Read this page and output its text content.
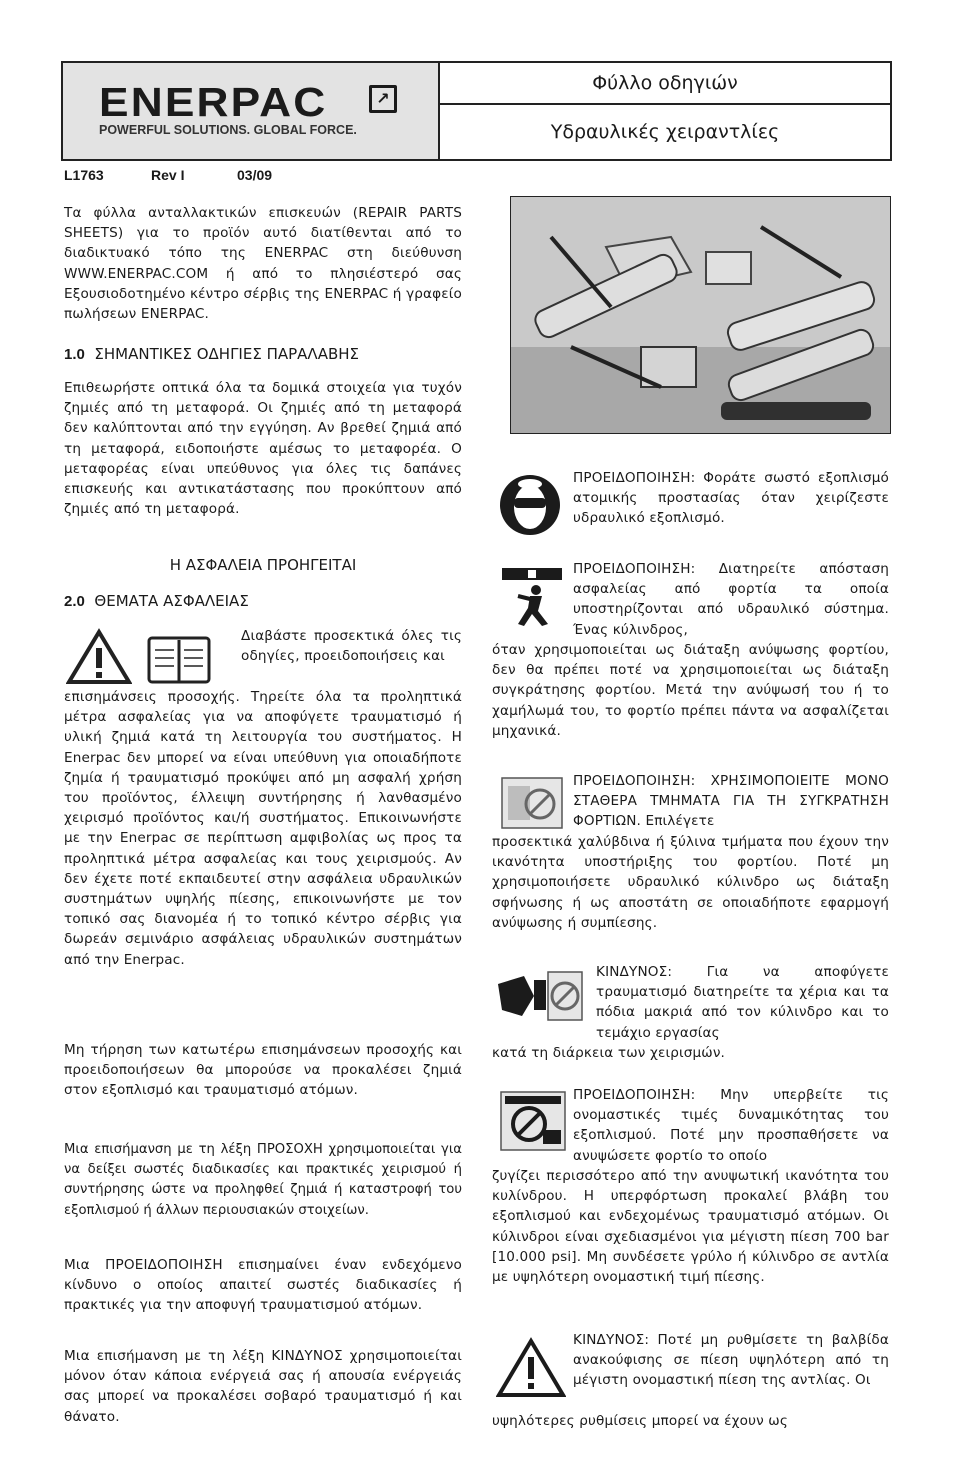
ENERPAC	↗
POWERFUL SOLUTIONS. GLOBAL FORCE.
Φύλλο οδηγιών
Υδραυλικές χειραντλίες
L1763	Rev I	03/09

Τα φύλλα ανταλλακτικών επισκευών (REPAIR PARTS SHEETS) για το προϊόν αυτό διατίθενται από το διαδικτυακό τόπο της ENERPAC στη διεύθυνση WWW.ENERPAC.COM ή από το πλησιέστερό σας Εξουσιοδοτημένο κέντρο σέρβις της ENERPAC ή γραφείο πωλήσεων ENERPAC.

1.0 ΣΗΜΑΝΤΙΚΕΣ ΟΔΗΓΙΕΣ ΠΑΡΑΛΑΒΗΣ

Επιθεωρήστε οπτικά όλα τα δομικά στοιχεία για τυχόν ζημιές από τη μεταφορά. Οι ζημιές από τη μεταφορά δεν καλύπτονται από την εγγύηση. Αν βρεθεί ζημιά από τη μεταφορά, ειδοποιήστε αμέσως το μεταφορέα. Ο μεταφορέας είναι υπεύθυνος για όλες τις δαπάνες επισκευής και αντικατάστασης που προκύπτουν από ζημιές από τη μεταφορά.

Η ΑΣΦΑΛΕΙΑ ΠΡΟΗΓΕΙΤΑΙ
2.0 ΘΕΜΑΤΑ ΑΣΦΑΛΕΙΑΣ

Διαβάστε προσεκτικά όλες τις οδηγίες, προειδοποιήσεις και

επισημάνσεις προσοχής. Τηρείτε όλα τα προληπτικά μέτρα ασφαλείας για να αποφύγετε τραυματισμό ή υλική ζημιά κατά τη λειτουργία του συστήματος. Η Enerpac δεν μπορεί να είναι υπεύθυνη για οποιαδήποτε ζημία ή τραυματισμό προκύψει από μη ασφαλή χρήση του προϊόντος, έλλειψη συντήρησης ή λανθασμένο χειρισμό προϊόντος και/ή συστήματος. Επικοινωνήστε με την Enerpac σε περίπτωση αμφιβολίας ως προς τα προληπτικά μέτρα ασφαλείας και τους χειρισμούς. Αν δεν έχετε ποτέ εκπαιδευτεί στην ασφάλεια υδραυλικών συστημάτων υψηλής πίεσης, επικοινωνήστε με τον τοπικό σας διανομέα ή το τοπικό κέντρο σέρβις για δωρεάν σεμινάριο ασφάλειας υδραυλικών συστημάτων από την Enerpac.

Μη τήρηση των κατωτέρω επισημάνσεων προσοχής και προειδοποιήσεων θα μπορούσε να προκαλέσει ζημιά στον εξοπλισμό και τραυματισμό ατόμων.

Μια επισήμανση με τη λέξη ΠΡΟΣΟΧΗ χρησιμοποιείται για να δείξει σωστές διαδικασίες και πρακτικές χειρισμού ή συντήρησης ώστε να προληφθεί ζημιά ή καταστροφή του εξοπλισμού ή άλλων περιουσιακών στοιχείων.

Μια ΠΡΟΕΙΔΟΠΟΙΗΣΗ επισημαίνει έναν ενδεχόμενο κίνδυνο ο οποίος απαιτεί σωστές διαδικασίες ή πρακτικές για την αποφυγή τραυματισμού ατόμων.

Μια επισήμανση με τη λέξη ΚΙΝΔΥΝΟΣ χρησιμοποιείται μόνον όταν κάποια ενέργειά σας ή απουσία ενέργειάς σας μπορεί να προκαλέσει σοβαρό τραυματισμό ή και θάνατο.

ΠΡΟΕΙΔΟΠΟΙΗΣΗ: Φοράτε σωστό εξοπλισμό ατομικής προστασίας όταν χειρίζεστε υδραυλικό εξοπλισμό.

ΠΡΟΕΙΔΟΠΟΙΗΣΗ: Διατηρείτε απόσταση ασφαλείας από φορτία τα οποία υποστηρίζονται από υδραυλικό σύστημα. Ένας κύλινδρος,

όταν χρησιμοποιείται ως διάταξη ανύψωσης φορτίου, δεν θα πρέπει ποτέ να χρησιμοποιείται ως διάταξη συγκράτησης φορτίου. Μετά την ανύψωσή του ή το χαμήλωμά του, το φορτίο πρέπει πάντα να ασφαλίζεται μηχανικά.

ΠΡΟΕΙΔΟΠΟΙΗΣΗ: ΧΡΗΣΙΜΟΠΟΙΕΙΤΕ ΜΟΝΟ ΣΤΑΘΕΡΑ ΤΜΗΜΑΤΑ ΓΙΑ ΤΗ ΣΥΓΚΡΑΤΗΣΗ ΦΟΡΤΙΩΝ. Επιλέγετε

προσεκτικά χαλύβδινα ή ξύλινα τμήματα που έχουν την ικανότητα υποστήριξης του φορτίου. Ποτέ μη χρησιμοποιήσετε υδραυλικό κύλινδρο ως διάταξη σφήνωσης ή ως αποστάτη σε οποιαδήποτε εφαρμογή ανύψωσης ή συμπίεσης.

ΚΙΝΔΥΝΟΣ: Για να αποφύγετε τραυματισμό διατηρείτε τα χέρια και τα πόδια μακριά από τον κύλινδρο και το τεμάχιο εργασίας

κατά τη διάρκεια των χειρισμών.

ΠΡΟΕΙΔΟΠΟΙΗΣΗ: Μην υπερβείτε τις ονομαστικές τιμές δυναμικότητας του εξοπλισμού. Ποτέ μην προσπαθήσετε να ανυψώσετε φορτίο το οποίο

ζυγίζει περισσότερο από την ανυψωτική ικανότητα του κυλίνδρου. Η υπερφόρτωση προκαλεί βλάβη του εξοπλισμού και ενδεχομένως τραυματισμό ατόμων. Οι κύλινδροι είναι σχεδιασμένοι για μέγιστη πίεση 700 bar [10.000 psi]. Μη συνδέσετε γρύλο ή κύλινδρο σε αντλία με υψηλότερη ονομαστική τιμή πίεσης.

ΚΙΝΔΥΝΟΣ: Ποτέ μη ρυθμίσετε τη βαλβίδα ανακούφισης σε πίεση υψηλότερη από τη μέγιστη ονομαστική πίεση της αντλίας. Οι

υψηλότερες ρυθμίσεις μπορεί να έχουν ως
